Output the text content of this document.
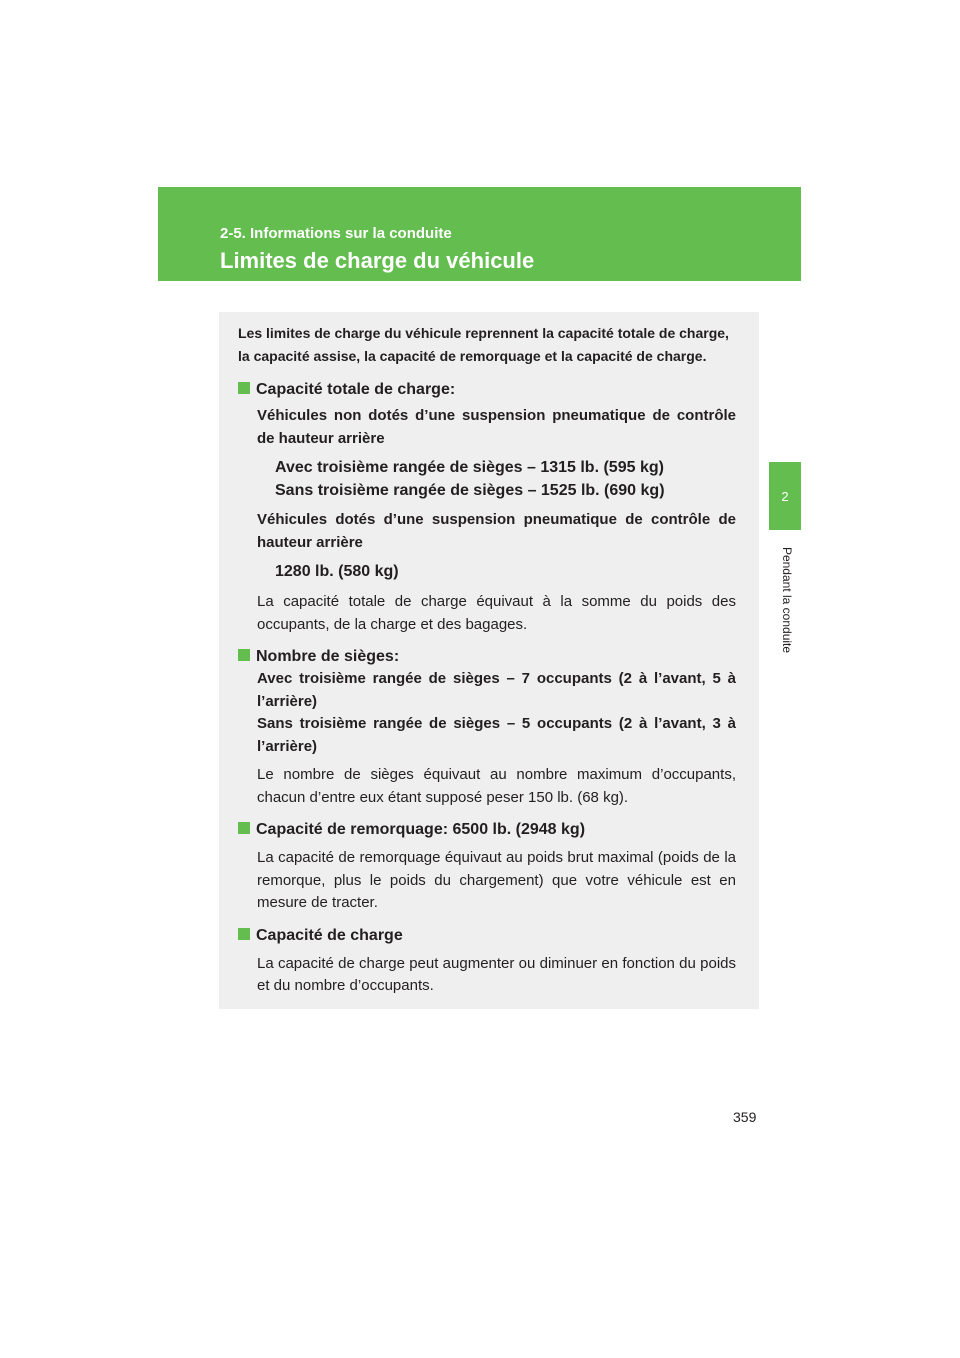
2-5. Informations sur la conduite
Limites de charge du véhicule
2
Pendant la conduite

Les limites de charge du véhicule reprennent la capacité totale de charge, la capacité assise, la capacité de remorquage et la capacité de charge.

Capacité totale de charge:

Véhicules non dotés d’une suspension pneumatique de contrôle de hauteur arrière

Avec troisième rangée de sièges – 1315 lb. (595 kg)

Sans troisième rangée de sièges – 1525 lb. (690 kg)

Véhicules dotés d’une suspension pneumatique de contrôle de hauteur arrière

1280 lb. (580 kg)

La capacité totale de charge équivaut à la somme du poids des occupants, de la charge et des bagages.

Nombre de sièges:

Avec troisième rangée de sièges – 7 occupants (2 à l’avant, 5 à l’arrière)

Sans troisième rangée de sièges – 5 occupants (2 à l’avant, 3 à l’arrière)

Le nombre de sièges équivaut au nombre maximum d’occupants, chacun d’entre eux étant supposé peser 150 lb. (68 kg).

Capacité de remorquage: 6500 lb. (2948 kg)

La capacité de remorquage équivaut au poids brut maximal (poids de la remorque, plus le poids du chargement) que votre véhicule est en mesure de tracter.

Capacité de charge

La capacité de charge peut augmenter ou diminuer en fonction du poids et du nombre d’occupants.

359
